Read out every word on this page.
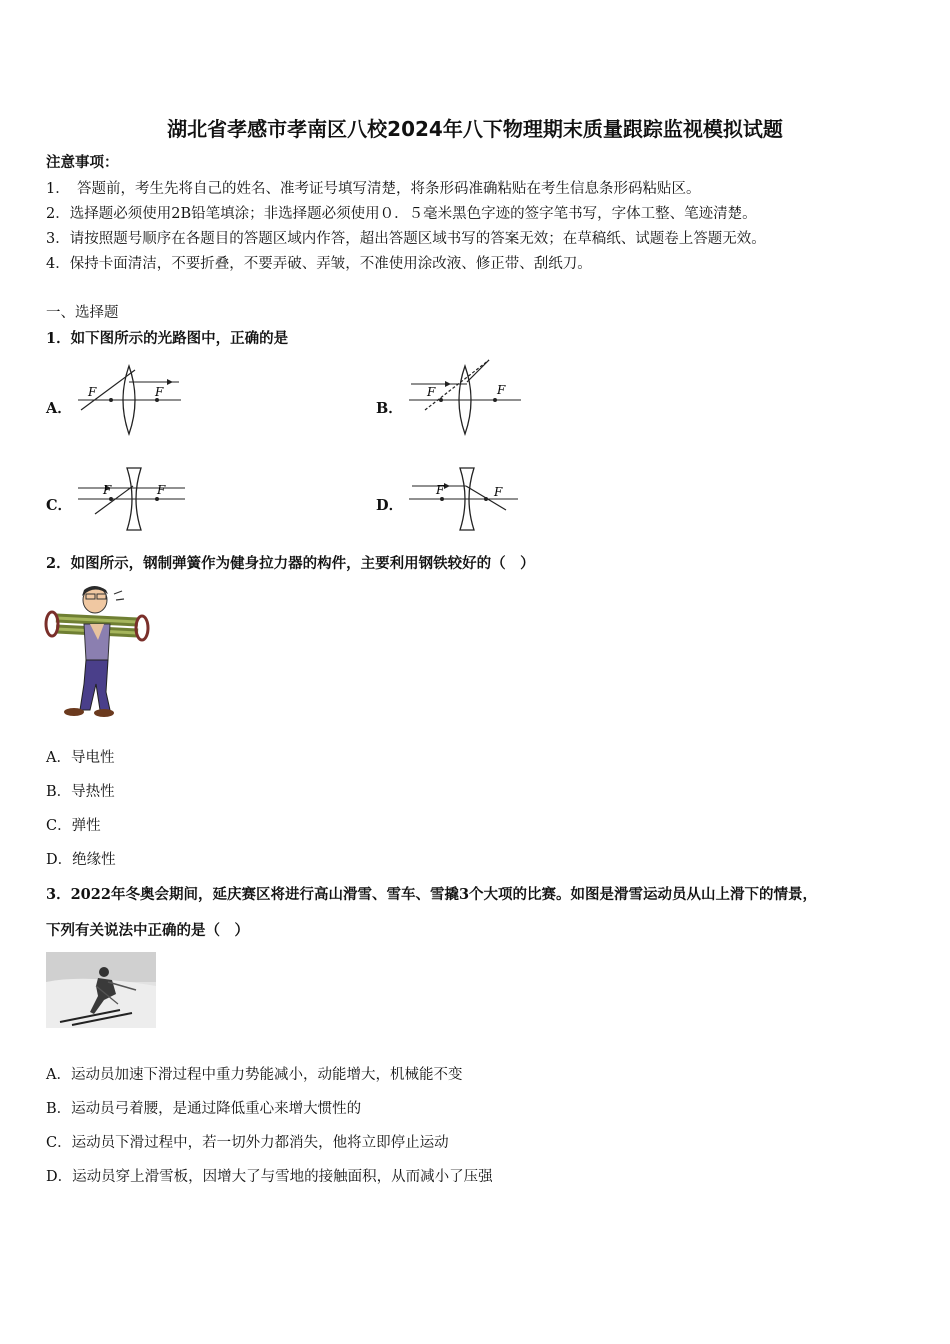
湖北省孝感市孝南区八校2024年八下物理期末质量跟踪监视模拟试题
注意事项：
1．　答题前，考生先将自己的姓名、准考证号填写清楚，将条形码准确粘贴在考生信息条形码粘贴区。
2．选择题必须使用2B铅笔填涂；非选择题必须使用０．５毫米黑色字迹的签字笔书写，字体工整、笔迹清楚。
3．请按照题号顺序在各题目的答题区域内作答，超出答题区域书写的答案无效；在草稿纸、试题卷上答题无效。
4．保持卡面清洁，不要折叠，不要弄破、弄皱，不准使用涂改液、修正带、刮纸刀。
一、选择题
1．如下图所示的光路图中，正确的是
A．
F	F
B．
F	F
C．
F	F
D．
F	F
2．如图所示，钢制弹簧作为健身拉力器的构件，主要利用钢铁较好的（　）
A．导电性
B．导热性
C．弹性
D．绝缘性
3．2022年冬奥会期间，延庆赛区将进行高山滑雪、雪车、雪撬3个大项的比赛。如图是滑雪运动员从山上滑下的情景，
下列有关说法中正确的是（　）
A．运动员加速下滑过程中重力势能减小，动能增大，机械能不变
B．运动员弓着腰，是通过降低重心来增大惯性的
C．运动员下滑过程中，若一切外力都消失，他将立即停止运动
D．运动员穿上滑雪板，因增大了与雪地的接触面积，从而减小了压强
